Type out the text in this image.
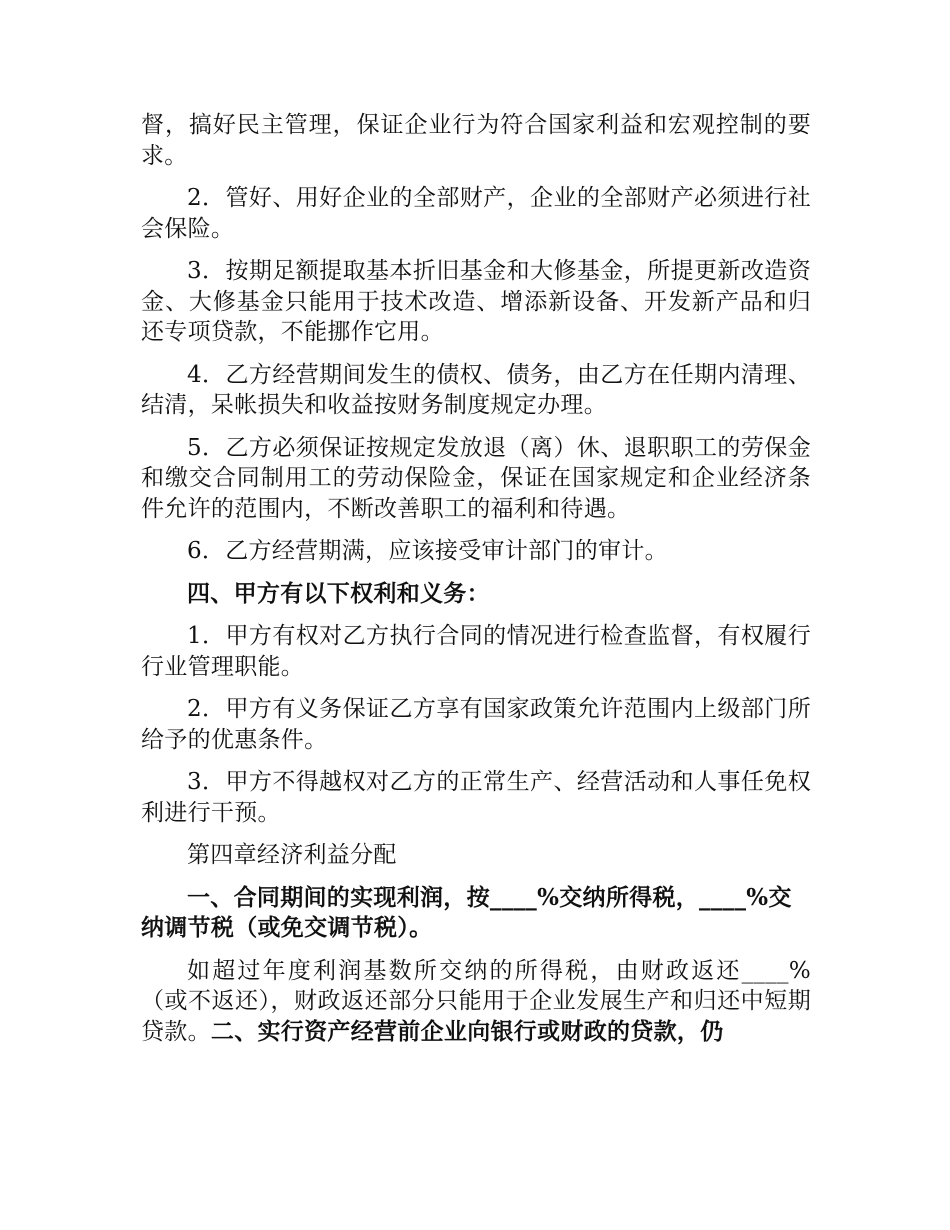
督，搞好民主管理，保证企业行为符合国家利益和宏观控制的要求。

2．管好、用好企业的全部财产，企业的全部财产必须进行社会保险。

3．按期足额提取基本折旧基金和大修基金，所提更新改造资金、大修基金只能用于技术改造、增添新设备、开发新产品和归还专项贷款，不能挪作它用。

4．乙方经营期间发生的债权、债务，由乙方在任期内清理、结清，呆帐损失和收益按财务制度规定办理。

5．乙方必须保证按规定发放退（离）休、退职职工的劳保金和缴交合同制用工的劳动保险金，保证在国家规定和企业经济条件允许的范围内，不断改善职工的福利和待遇。

6．乙方经营期满，应该接受审计部门的审计。

四、甲方有以下权利和义务：

1．甲方有权对乙方执行合同的情况进行检查监督，有权履行行业管理职能。

2．甲方有义务保证乙方享有国家政策允许范围内上级部门所给予的优惠条件。

3．甲方不得越权对乙方的正常生产、经营活动和人事任免权利进行干预。

第四章经济利益分配

一、合同期间的实现利润，按____%交纳所得税，____%交纳调节税（或免交调节税）。

如超过年度利润基数所交纳的所得税，由财政返还____%（或不返还），财政返还部分只能用于企业发展生产和归还中短期贷款。二、实行资产经营前企业向银行或财政的贷款，仍
